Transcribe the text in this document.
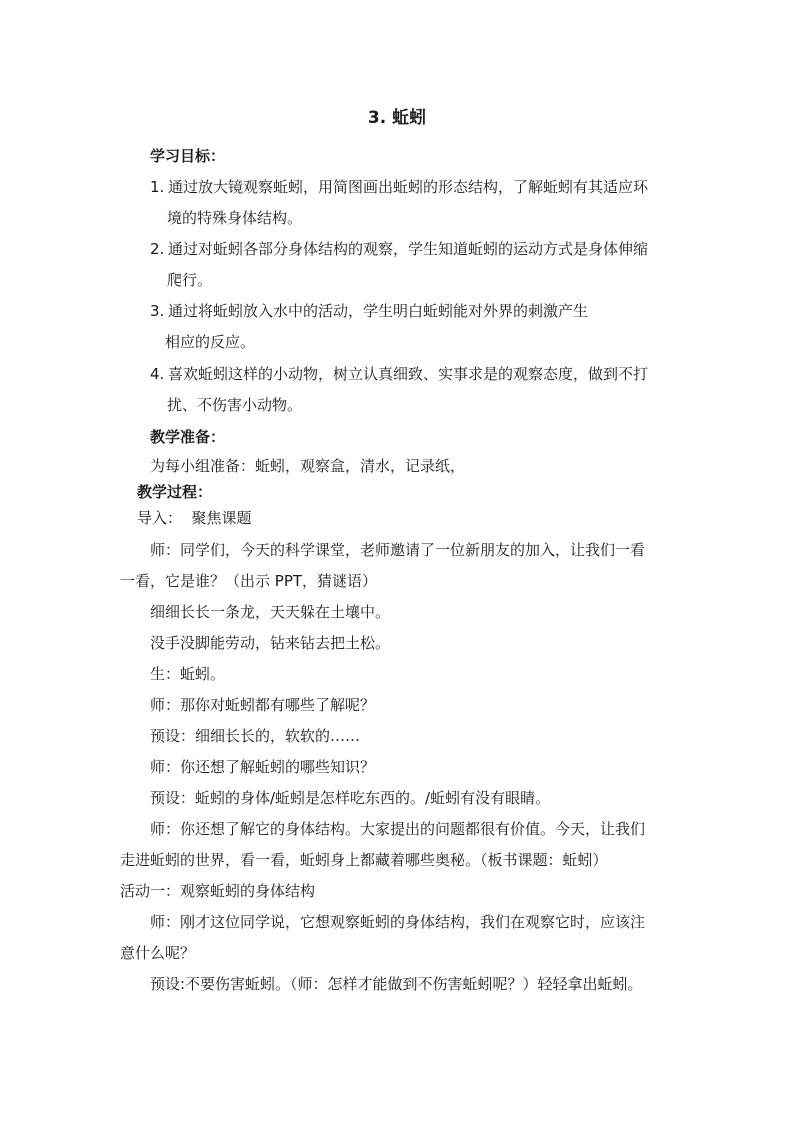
3. 蚯蚓
学习目标：
1. 通过放大镜观察蚯蚓，用简图画出蚯蚓的形态结构，了解蚯蚓有其适应环
境的特殊身体结构。
2. 通过对蚯蚓各部分身体结构的观察，学生知道蚯蚓的运动方式是身体伸缩
爬行。
3. 通过将蚯蚓放入水中的活动，学生明白蚯蚓能对外界的刺激产生
相应的反应。
4. 喜欢蚯蚓这样的小动物，树立认真细致、实事求是的观察态度，做到不打
扰、不伤害小动物。
教学准备：
为每小组准备：蚯蚓，观察盒，清水，记录纸，
教学过程：
导入：  聚焦课题
师：同学们，今天的科学课堂，老师邀请了一位新朋友的加入，让我们一看
一看，它是谁？（出示 PPT，猜谜语）
细细长长一条龙，天天躲在土壤中。
没手没脚能劳动，钻来钻去把土松。
生：蚯蚓。
师：那你对蚯蚓都有哪些了解呢？
预设：细细长长的，软软的……
师：你还想了解蚯蚓的哪些知识？
预设：蚯蚓的身体/蚯蚓是怎样吃东西的。/蚯蚓有没有眼睛。
师：你还想了解它的身体结构。大家提出的问题都很有价值。今天，让我们
走进蚯蚓的世界，看一看，蚯蚓身上都藏着哪些奥秘。（板书课题：蚯蚓）
活动一：观察蚯蚓的身体结构
师：刚才这位同学说，它想观察蚯蚓的身体结构，我们在观察它时，应该注
意什么呢？
预设:不要伤害蚯蚓。（师：怎样才能做到不伤害蚯蚓呢？）轻轻拿出蚯蚓。
